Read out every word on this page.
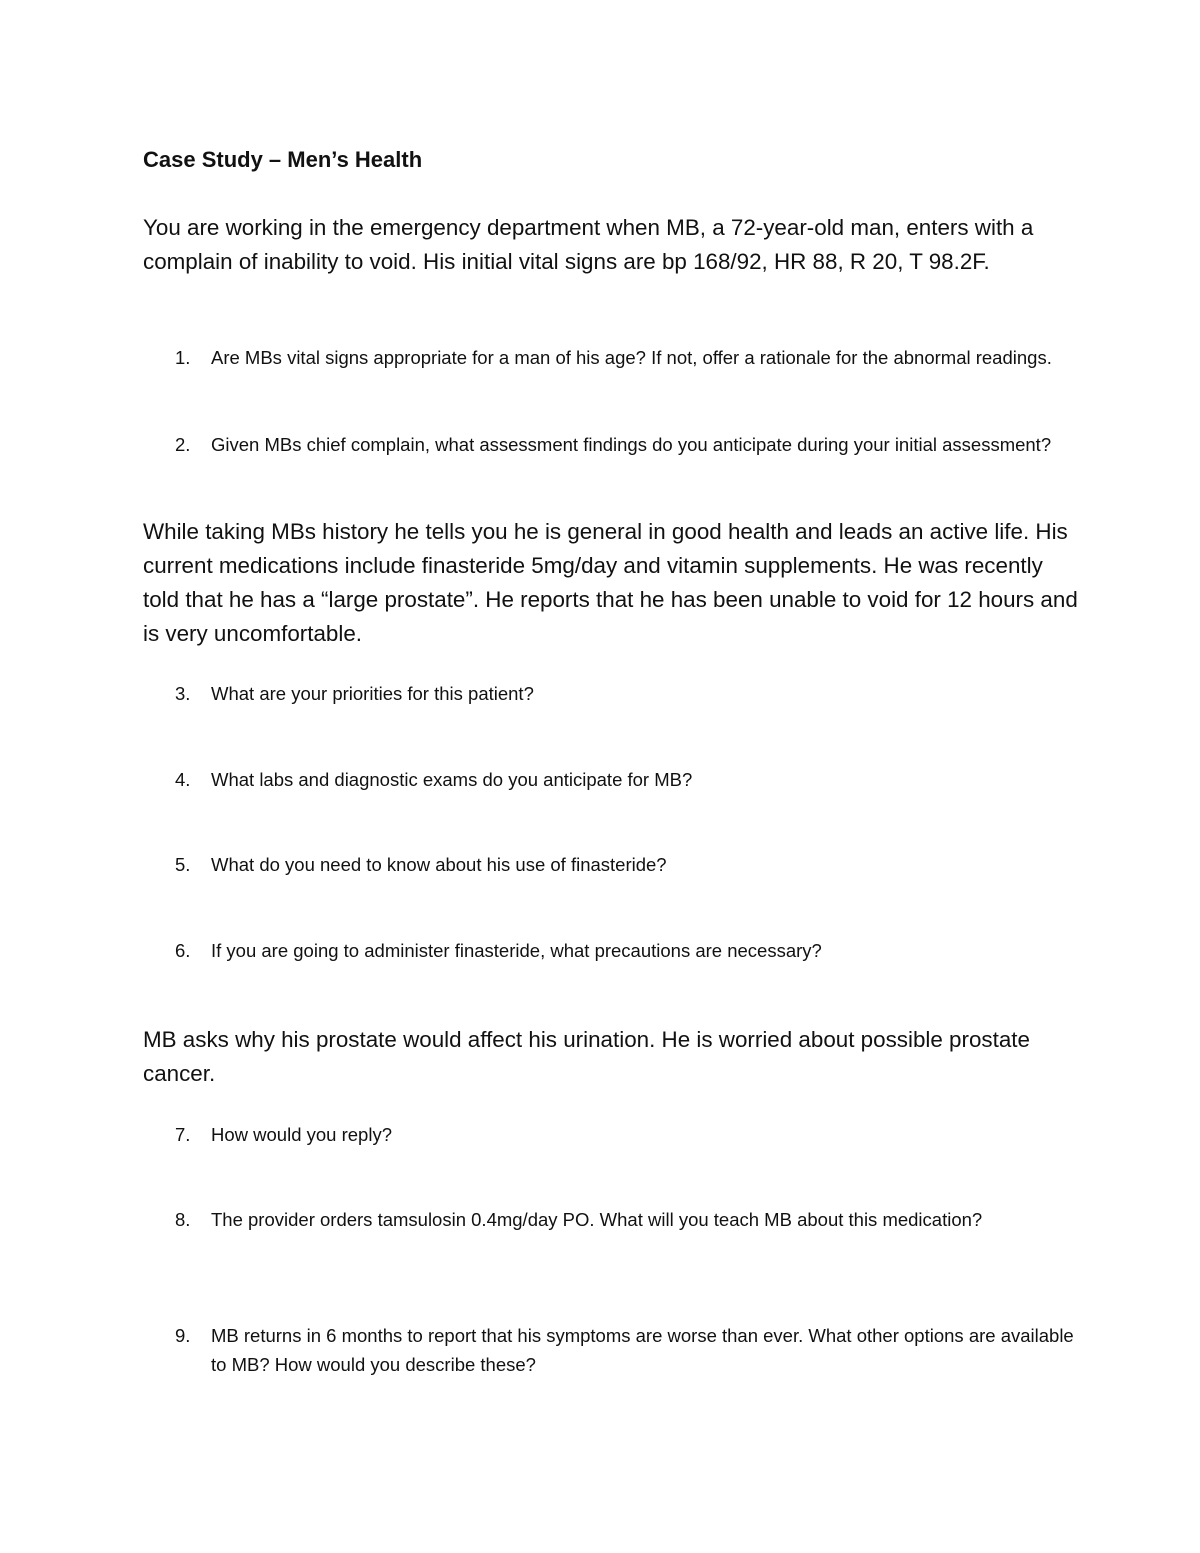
Case Study – Men’s Health

You are working in the emergency department when MB, a 72-year-old man, enters with a complain of inability to void. His initial vital signs are bp 168/92, HR 88, R 20, T 98.2F.

1. Are MBs vital signs appropriate for a man of his age? If not, offer a rationale for the abnormal readings.
2. Given MBs chief complain, what assessment findings do you anticipate during your initial assessment?

While taking MBs history he tells you he is general in good health and leads an active life. His current medications include finasteride 5mg/day and vitamin supplements. He was recently told that he has a “large prostate”. He reports that he has been unable to void for 12 hours and is very uncomfortable.

3. What are your priorities for this patient?
4. What labs and diagnostic exams do you anticipate for MB?
5. What do you need to know about his use of finasteride?
6. If you are going to administer finasteride, what precautions are necessary?

MB asks why his prostate would affect his urination. He is worried about possible prostate cancer.

7. How would you reply?
8. The provider orders tamsulosin 0.4mg/day PO. What will you teach MB about this medication?
9. MB returns in 6 months to report that his symptoms are worse than ever. What other options are available to MB? How would you describe these?
